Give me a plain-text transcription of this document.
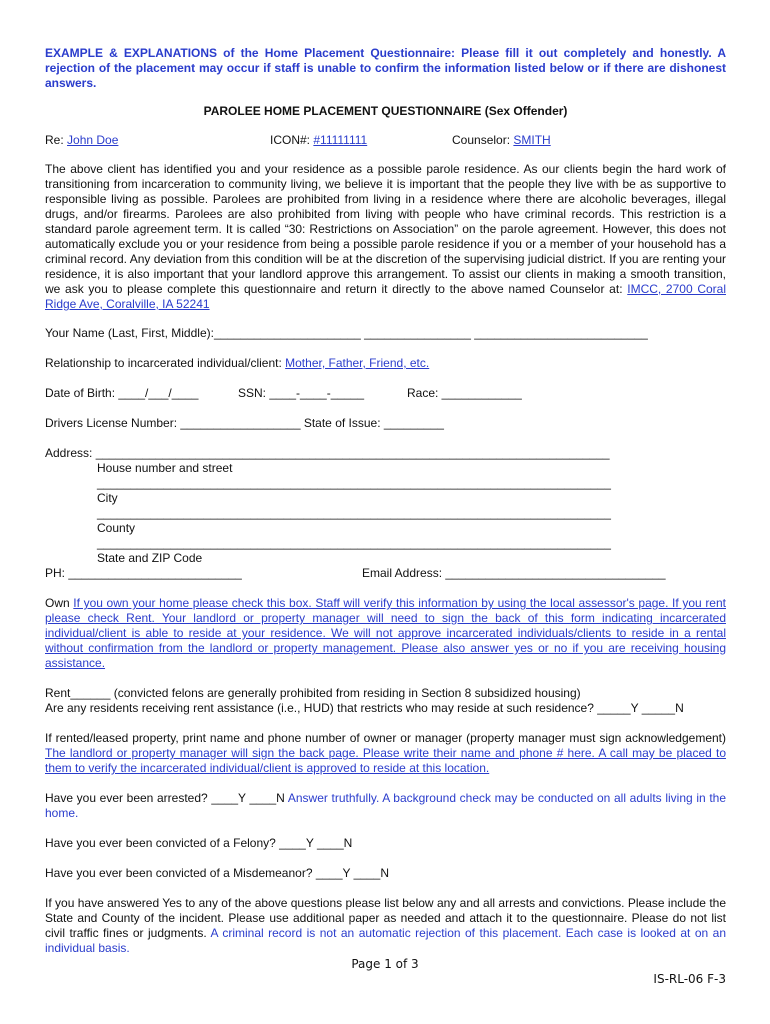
EXAMPLE & EXPLANATIONS of the Home Placement Questionnaire: Please fill it out completely and honestly. A rejection of the placement may occur if staff is unable to confirm the information listed below or if there are dishonest answers.

PAROLEE HOME PLACEMENT QUESTIONNAIRE (Sex Offender)

Re: John Doe	ICON#: #11111111	Counselor: SMITH

The above client has identified you and your residence as a possible parole residence. As our clients begin the hard work of transitioning from incarceration to community living, we believe it is important that the people they live with be as supportive to responsible living as possible. Parolees are prohibited from living in a residence where there are alcoholic beverages, illegal drugs, and/or firearms. Parolees are also prohibited from living with people who have criminal records. This restriction is a standard parole agreement term. It is called “30: Restrictions on Association” on the parole agreement. However, this does not automatically exclude you or your residence from being a possible parole residence if you or a member of your household has a criminal record. Any deviation from this condition will be at the discretion of the supervising judicial district. If you are renting your residence, it is also important that your landlord approve this arrangement. To assist our clients in making a smooth transition, we ask you to please complete this questionnaire and return it directly to the above named Counselor at: IMCC, 2700 Coral Ridge Ave, Coralville, IA 52241

Your Name (Last, First, Middle):______________________ ________________ __________________________

Relationship to incarcerated individual/client: Mother, Father, Friend, etc.

Date of Birth: ____/___/____	SSN: ____-____-_____	Race: ____________

Drivers License Number: __________________ State of Issue: _________

Address: _____________________________________________________________________________

House number and street

_____________________________________________________________________________

City

_____________________________________________________________________________

County

_____________________________________________________________________________

State and ZIP Code

PH: __________________________	Email Address: _________________________________

Own If you own your home please check this box. Staff will verify this information by using the local assessor's page. If you rent please check Rent. Your landlord or property manager will need to sign the back of this form indicating incarcerated individual/client is able to reside at your residence. We will not approve incarcerated individuals/clients to reside in a rental without confirmation from the landlord or property management. Please also answer yes or no if you are receiving housing assistance.

Rent______ (convicted felons are generally prohibited from residing in Section 8 subsidized housing)

Are any residents receiving rent assistance (i.e., HUD) that restricts who may reside at such residence? _____Y _____N

If rented/leased property, print name and phone number of owner or manager (property manager must sign acknowledgement) The landlord or property manager will sign the back page. Please write their name and phone # here. A call may be placed to them to verify the incarcerated individual/client is approved to reside at this location.

Have you ever been arrested? ____Y ____N Answer truthfully. A background check may be conducted on all adults living in the home.

Have you ever been convicted of a Felony? ____Y ____N

Have you ever been convicted of a Misdemeanor? ____Y ____N

If you have answered Yes to any of the above questions please list below any and all arrests and convictions. Please include the State and County of the incident. Please use additional paper as needed and attach it to the questionnaire. Please do not list civil traffic fines or judgments. A criminal record is not an automatic rejection of this placement. Each case is looked at on an individual basis.

Page 1 of 3
IS-RL-06 F-3
